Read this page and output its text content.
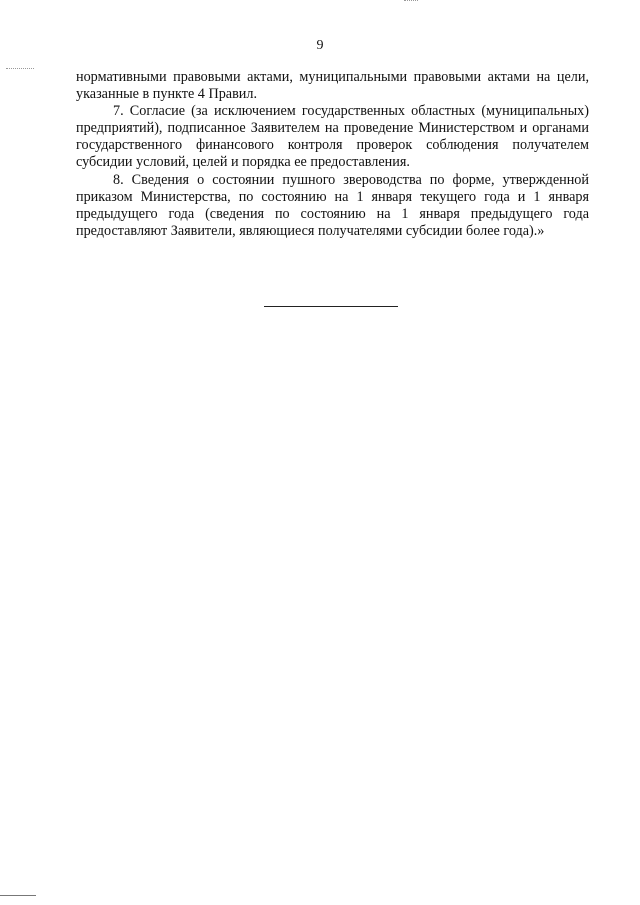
9

нормативными правовыми актами, муниципальными правовыми актами на цели, указанные в пункте 4 Правил.

7. Согласие (за исключением государственных областных (муниципальных) предприятий), подписанное Заявителем на проведение Министерством и органами государственного финансового контроля проверок соблюдения получателем субсидии условий, целей и порядка ее предоставления.

8. Сведения о состоянии пушного звероводства по форме, утвержденной приказом Министерства, по состоянию на 1 января текущего года и 1 января предыдущего года (сведения по состоянию на 1 января предыдущего года предоставляют Заявители, являющиеся получателями субсидии более года).»
